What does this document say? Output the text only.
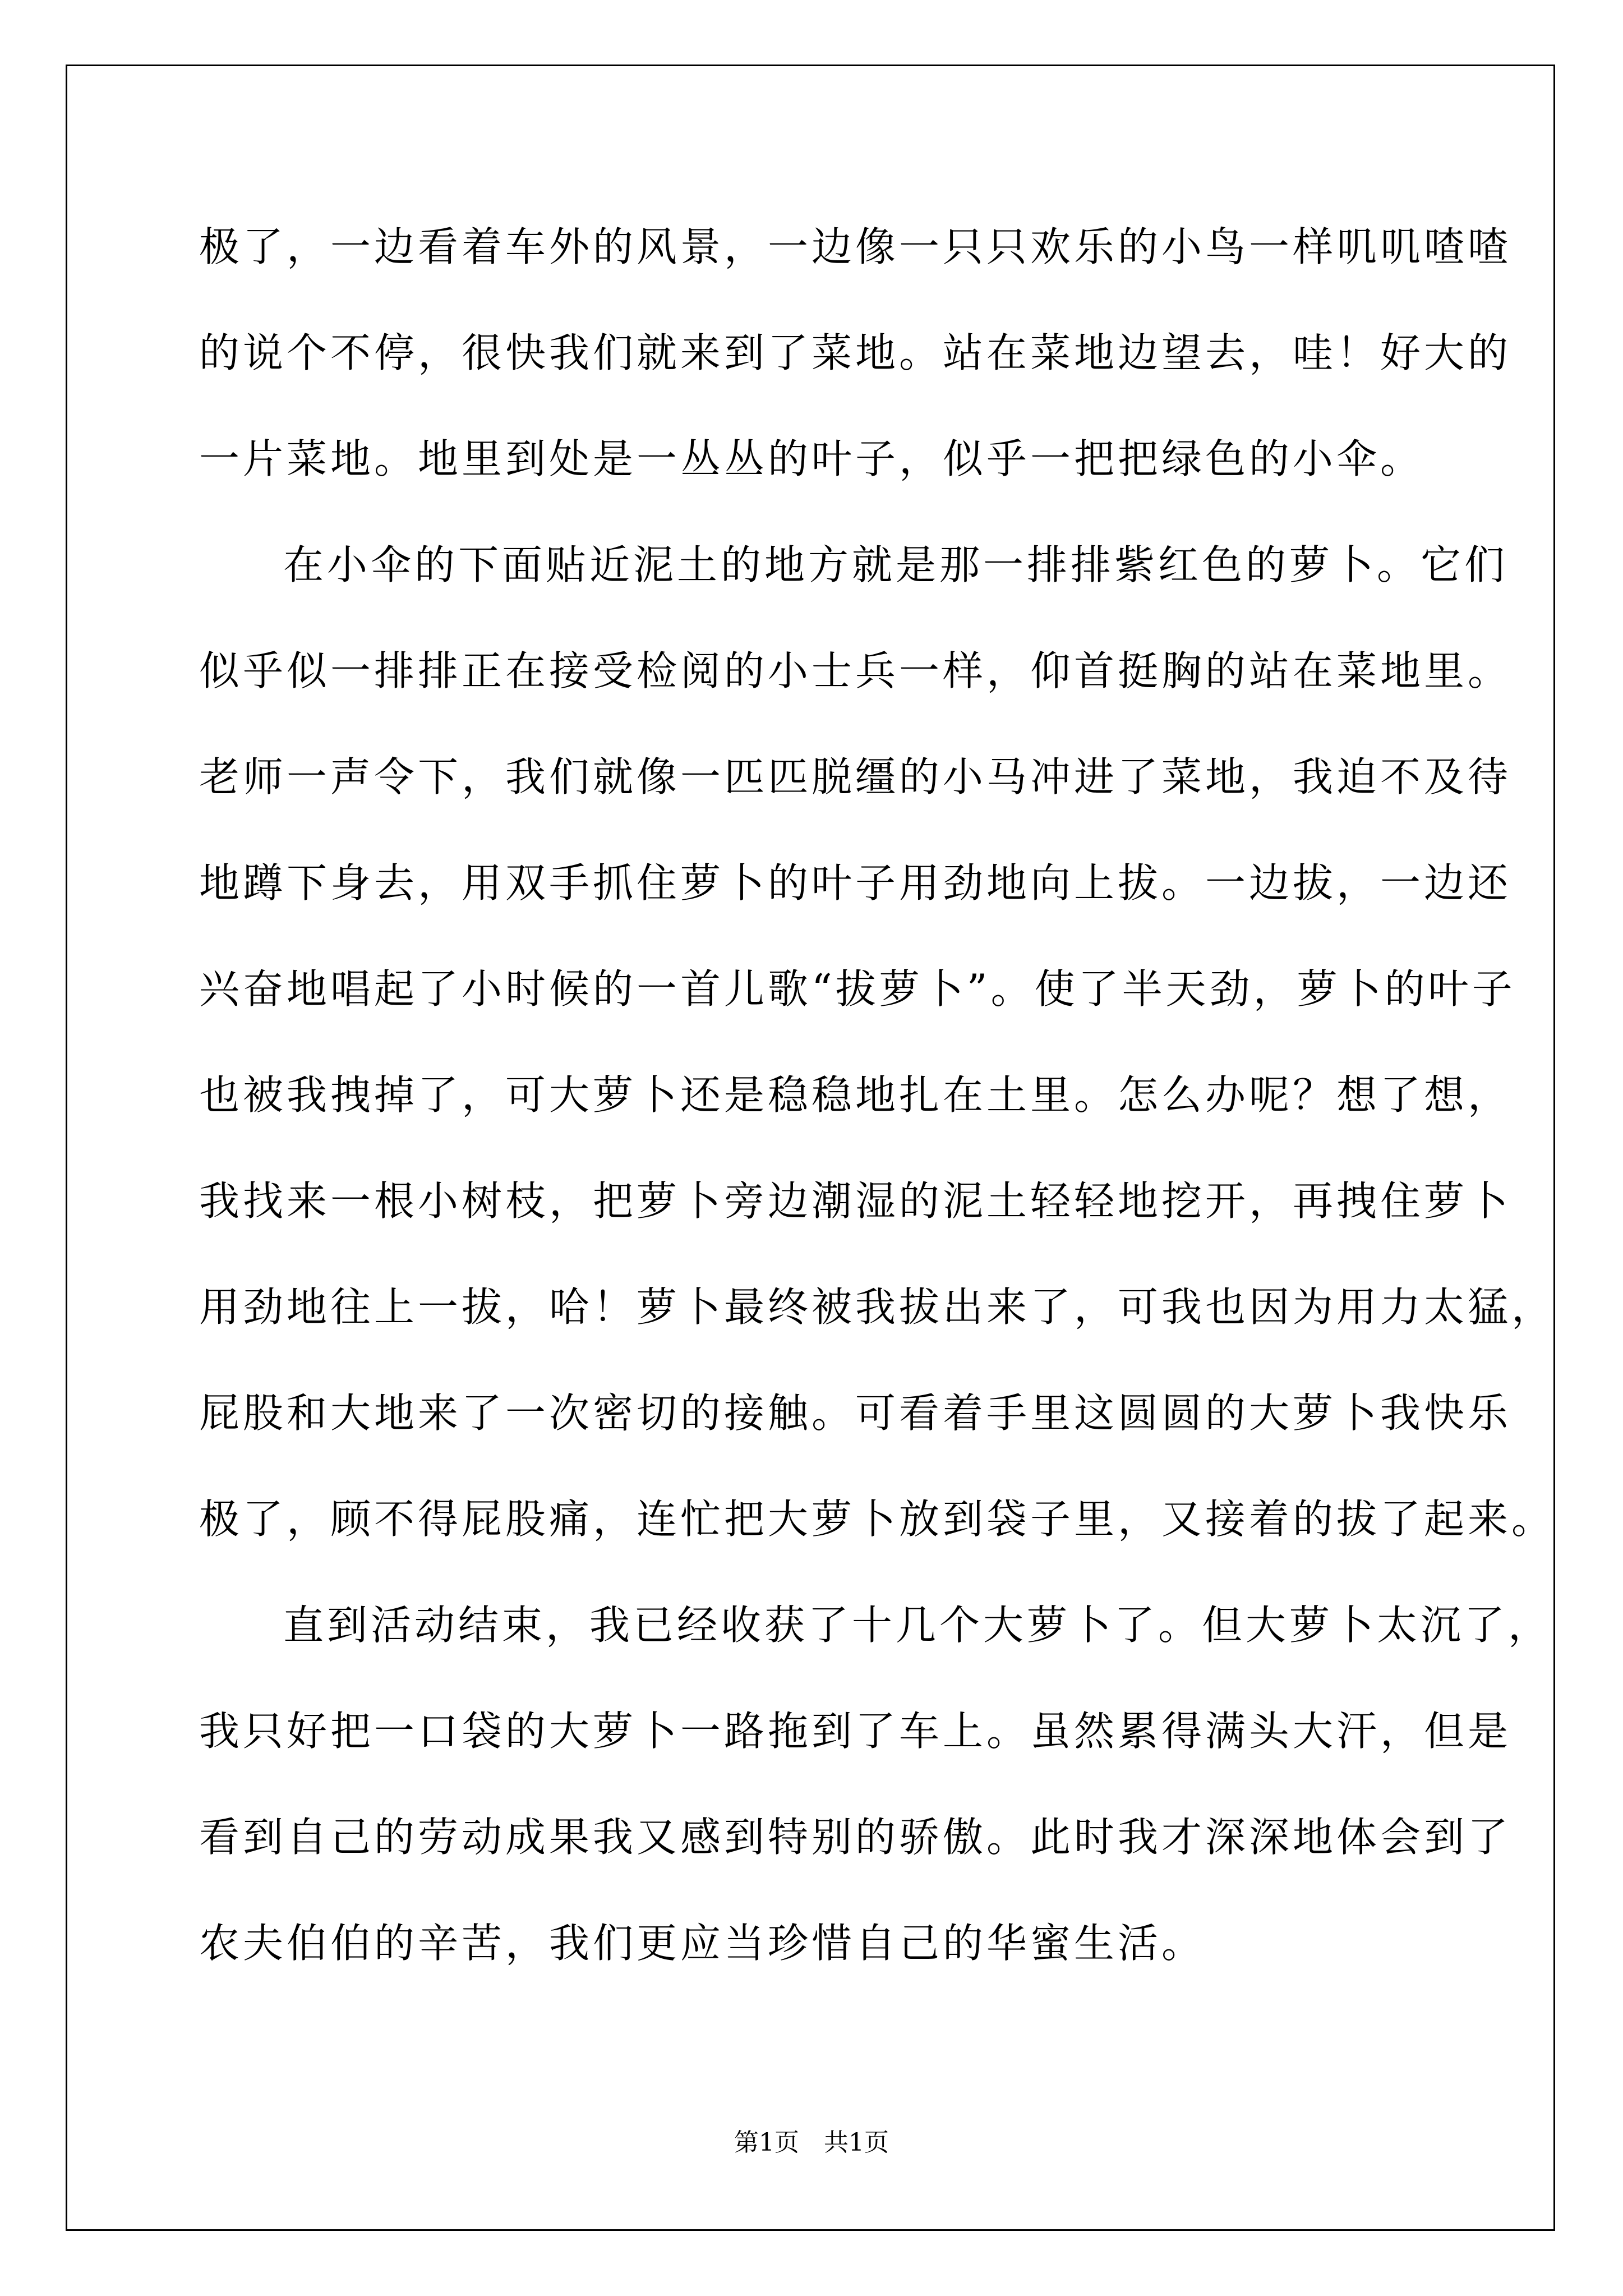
极了，一边看着车外的风景，一边像一只只欢乐的小鸟一样叽叽喳喳
的说个不停，很快我们就来到了菜地。站在菜地边望去，哇！好大的
一片菜地。地里到处是一丛丛的叶子，似乎一把把绿色的小伞。
　在小伞的下面贴近泥土的地方就是那一排排紫红色的萝卜。它们
似乎似一排排正在接受检阅的小士兵一样，仰首挺胸的站在菜地里。
老师一声令下，我们就像一匹匹脱缰的小马冲进了菜地，我迫不及待
地蹲下身去，用双手抓住萝卜的叶子用劲地向上拔。一边拔，一边还
兴奋地唱起了小时候的一首儿歌“拔萝卜”。使了半天劲，萝卜的叶子
也被我拽掉了，可大萝卜还是稳稳地扎在土里。怎么办呢？想了想，
我找来一根小树枝，把萝卜旁边潮湿的泥土轻轻地挖开，再拽住萝卜
用劲地往上一拔，哈！萝卜最终被我拔出来了，可我也因为用力太猛，
屁股和大地来了一次密切的接触。可看着手里这圆圆的大萝卜我快乐
极了，顾不得屁股痛，连忙把大萝卜放到袋子里，又接着的拔了起来。
　直到活动结束，我已经收获了十几个大萝卜了。但大萝卜太沉了，
我只好把一口袋的大萝卜一路拖到了车上。虽然累得满头大汗，但是
看到自己的劳动成果我又感到特别的骄傲。此时我才深深地体会到了
农夫伯伯的辛苦，我们更应当珍惜自己的华蜜生活。
第1页　共1页
